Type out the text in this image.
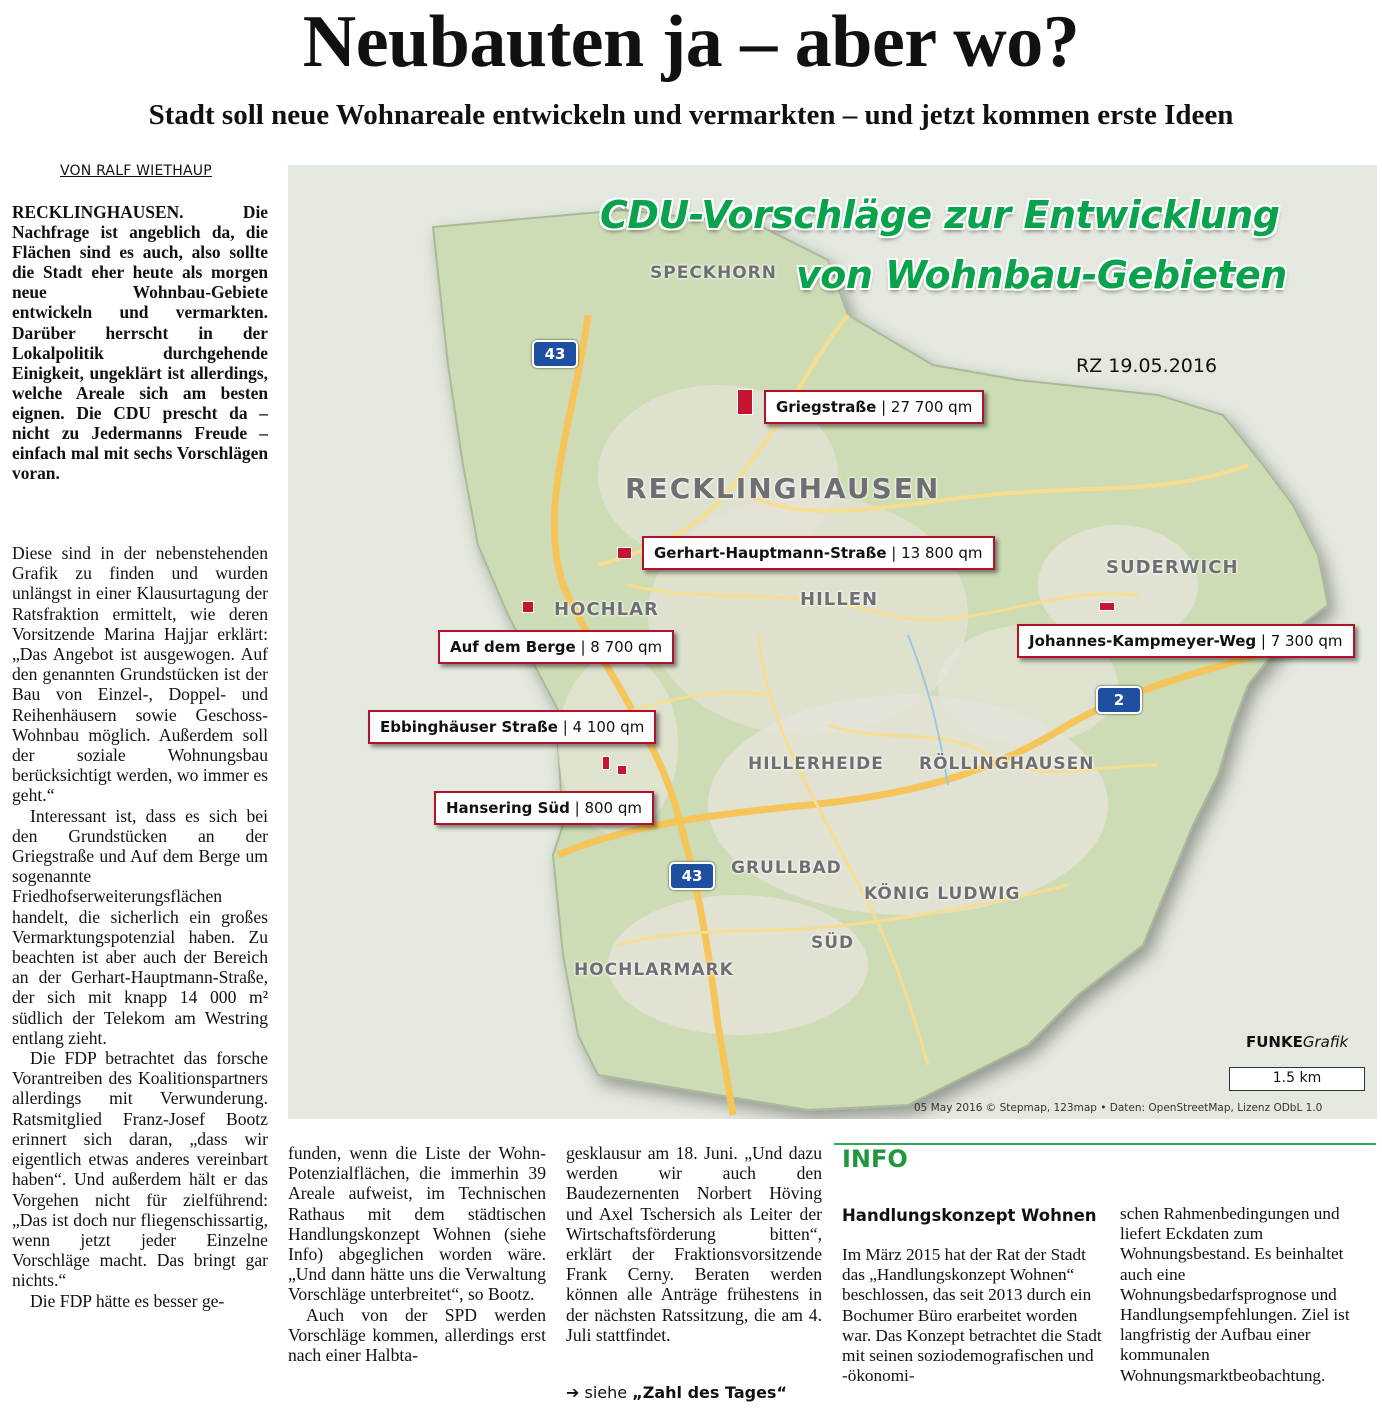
Neubauten ja – aber wo?
Stadt soll neue Wohnareale entwickeln und vermarkten – und jetzt kommen erste Ideen
VON RALF WIETHAUP
RECKLINGHAUSEN. Die Nachfrage ist angeblich da, die Flächen sind es auch, also sollte die Stadt eher heute als morgen neue Wohnbau-Gebiete entwickeln und vermarkten. Darüber herrscht in der Lokalpolitik durchgehende Einigkeit, ungeklärt ist allerdings, welche Areale sich am besten eignen. Die CDU prescht da – nicht zu Jedermanns Freude – einfach mal mit sechs Vorschlägen voran.

Diese sind in der nebenstehenden Grafik zu finden und wurden unlängst in einer Klausurtagung der Ratsfraktion ermittelt, wie deren Vorsitzende Marina Hajjar erklärt: „Das Angebot ist ausgewogen. Auf den genannten Grundstücken ist der Bau von Einzel-, Doppel- und Reihenhäusern sowie Geschoss-Wohnbau möglich. Außerdem soll der soziale Wohnungsbau berücksichtigt werden, wo immer es geht.“

Interessant ist, dass es sich bei den Grundstücken an der Griegstraße und Auf dem Berge um sogenannte Friedhofserweiterungsflächen handelt, die sicherlich ein großes Vermarktungspotenzial haben. Zu beachten ist aber auch der Bereich an der Gerhart-Hauptmann-Straße, der sich mit knapp 14 000 m² südlich der Telekom am Westring entlang zieht.

Die FDP betrachtet das forsche Vorantreiben des Koalitionspartners allerdings mit Verwunderung. Ratsmitglied Franz-Josef Bootz erinnert sich daran, „dass wir eigentlich etwas anderes vereinbart haben“. Und außerdem hält er das Vorgehen nicht für zielführend: „Das ist doch nur fliegenschissartig, wenn jetzt jeder Einzelne Vorschläge macht. Das bringt gar nichts.“

Die FDP hätte es besser ge-

funden, wenn die Liste der Wohn-Potenzialflächen, die immerhin 39 Areale aufweist, im Technischen Rathaus mit dem städtischen Handlungskonzept Wohnen (siehe Info) abgeglichen worden wäre. „Und dann hätte uns die Verwaltung Vorschläge unterbreitet“, so Bootz.

Auch von der SPD werden Vorschläge kommen, allerdings erst nach einer Halbta-

gesklausur am 18. Juni. „Und dazu werden wir auch den Baudezernenten Norbert Höving und Axel Tschersich als Leiter der Wirtschaftsförderung bitten“, erklärt der Fraktionsvorsitzende Frank Cerny. Beraten werden können alle Anträge frühestens in der nächsten Ratssitzung, die am 4. Juli stattfindet.

➔ siehe „Zahl des Tages“
CDU-Vorschläge zur Entwicklung
von Wohnbau-Gebieten
RZ 19.05.2016
SPECKHORN
RECKLINGHAUSEN
SUDERWICH
HILLEN
HOCHLAR
HILLERHEIDE RÖLLINGHAUSEN
GRULLBAD
KÖNIG LUDWIG
SÜD
HOCHLARMARK
43
43
2
Griegstraße | 27 700 qm
Gerhart-Hauptmann-Straße | 13 800 qm
Auf dem Berge | 8 700 qm	Johannes-Kampmeyer-Weg | 7 300 qm
Ebbinghäuser Straße | 4 100 qm
Hansering Süd | 800 qm
FUNKEGrafik
1.5 km
05 May 2016 © Stepmap, 123map • Daten: OpenStreetMap, Lizenz ODbL 1.0
INFO
Handlungskonzept Wohnen

Im März 2015 hat der Rat der Stadt das „Handlungskonzept Wohnen“ beschlossen, das seit 2013 durch ein Bochumer Büro erarbeitet worden war. Das Konzept betrachtet die Stadt mit seinen soziodemografischen und -ökonomi-

schen Rahmenbedingungen und liefert Eckdaten zum Wohnungsbestand. Es beinhaltet auch eine Wohnungsbedarfsprognose und Handlungsempfehlungen. Ziel ist langfristig der Aufbau einer kommunalen Wohnungsmarktbeobachtung.
